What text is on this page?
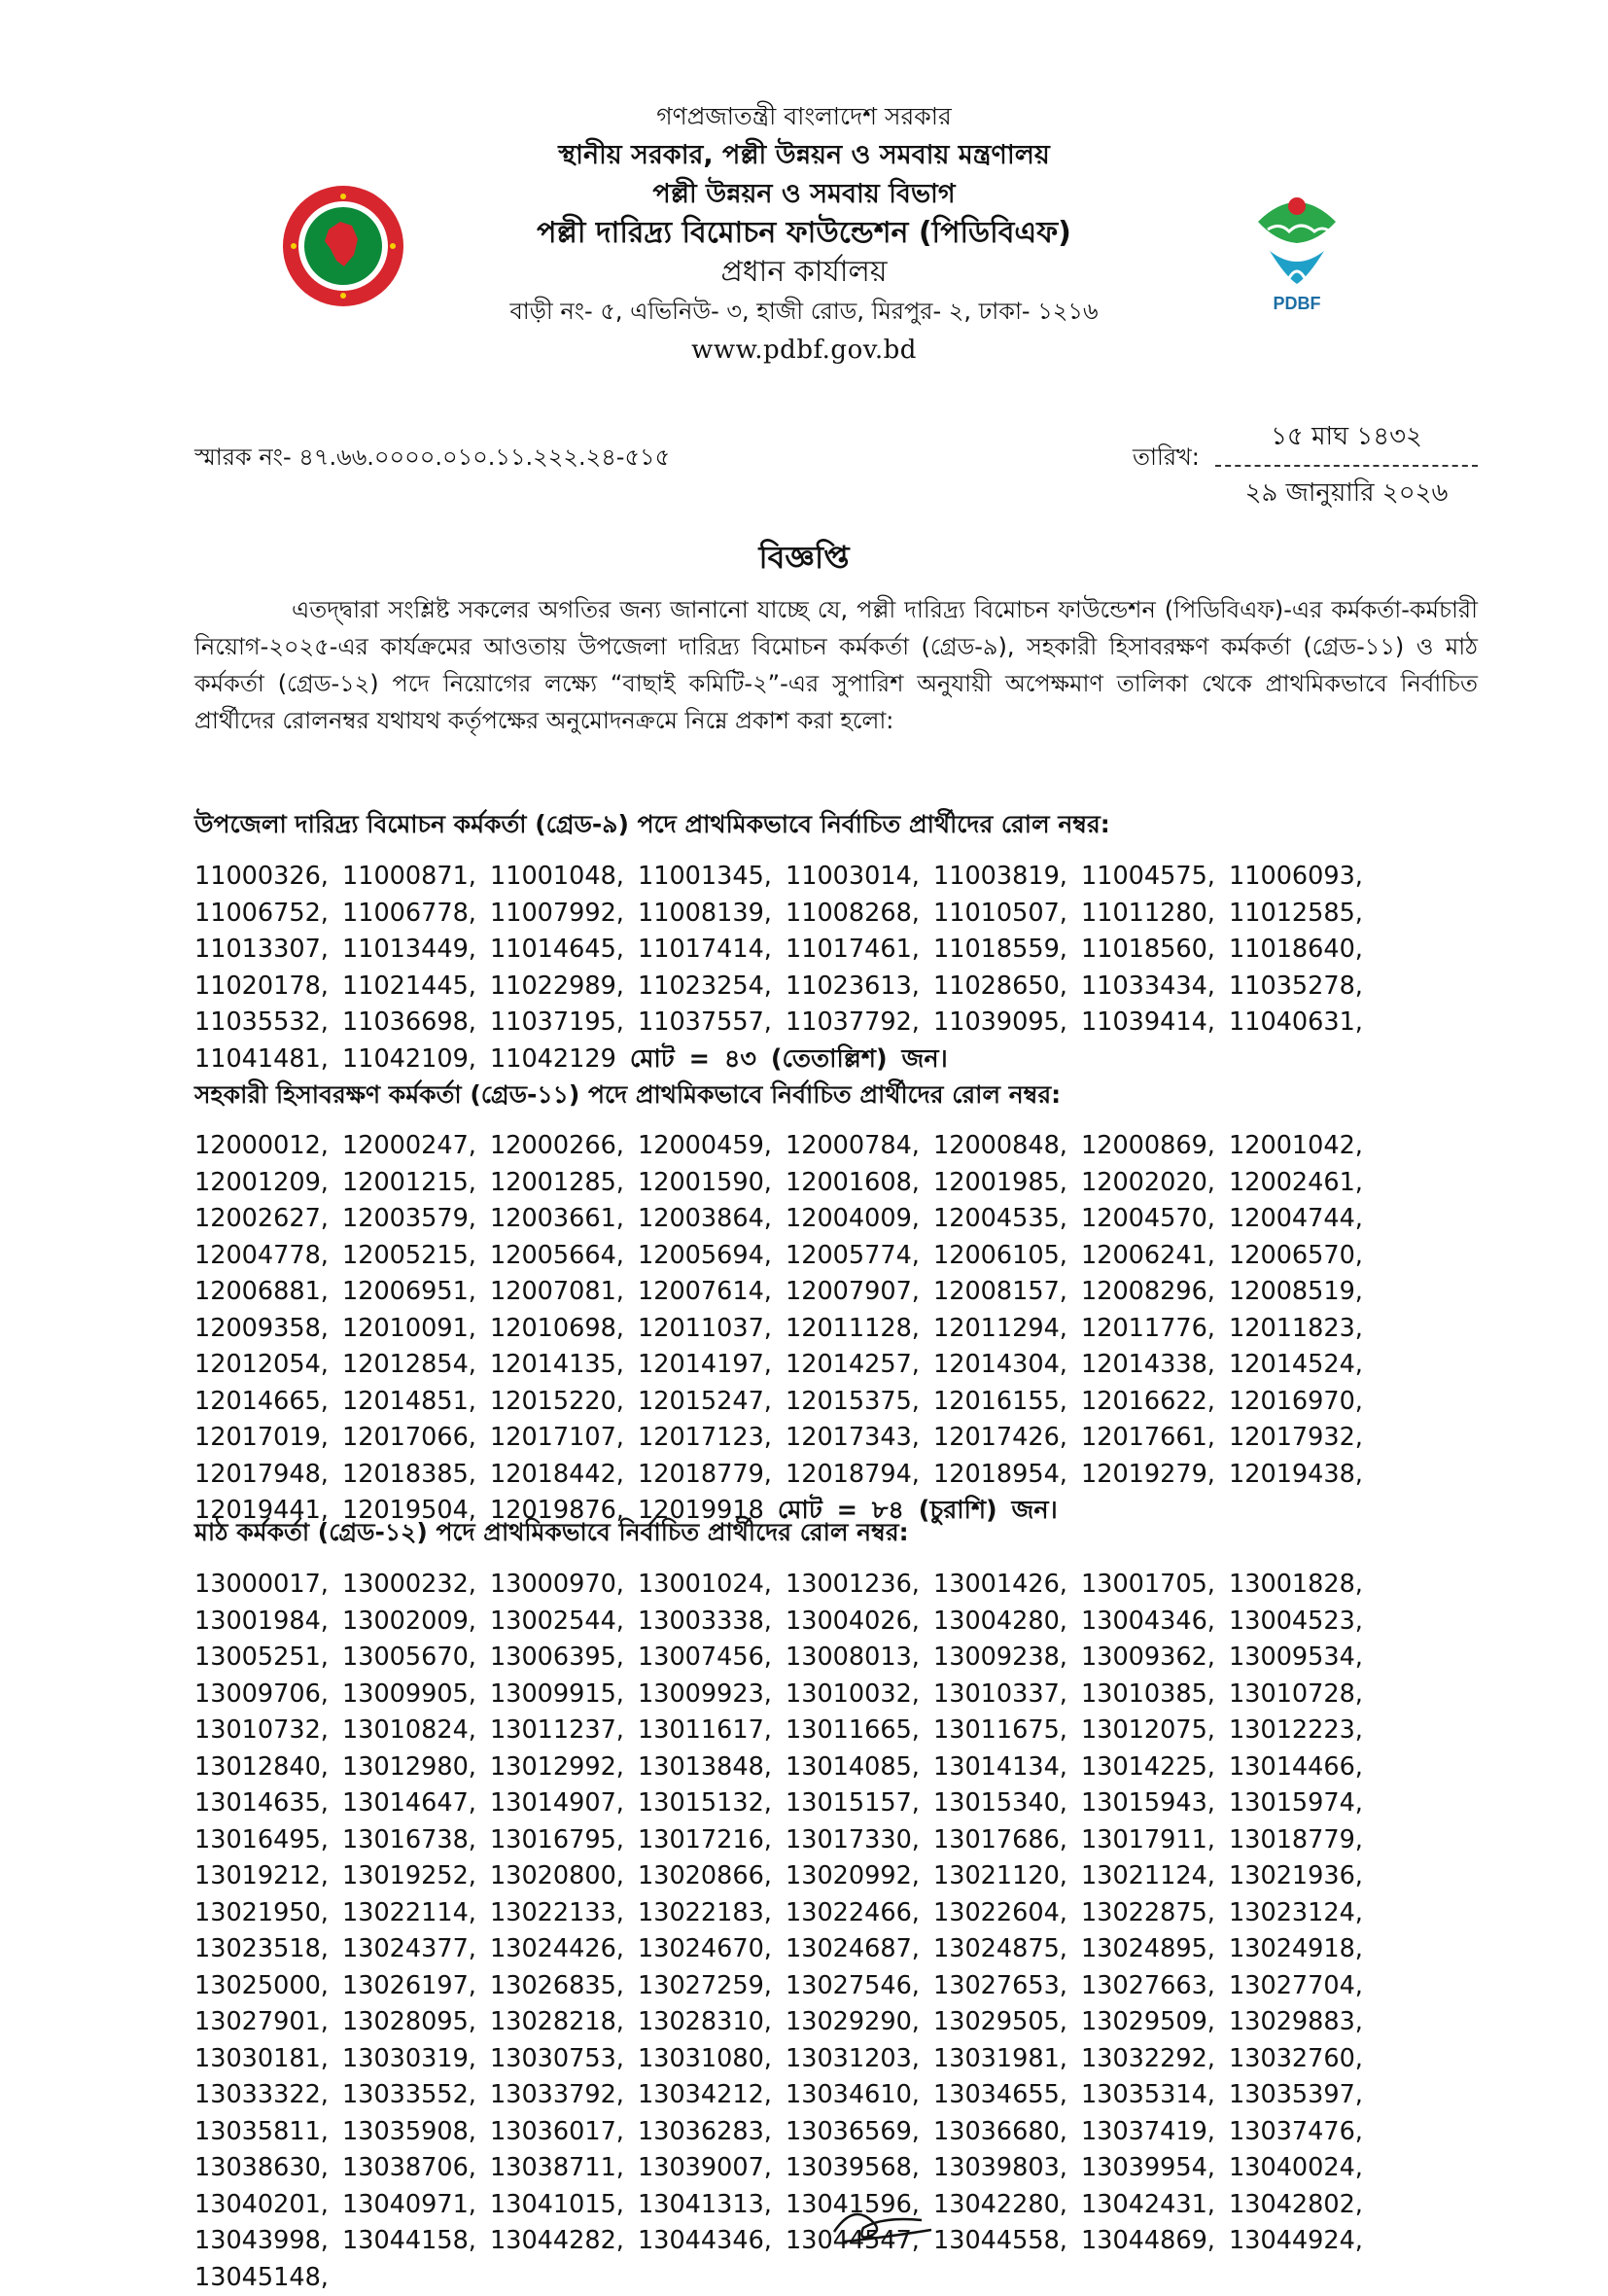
PDBF
গণপ্রজাতন্ত্রী বাংলাদেশ সরকার
স্থানীয় সরকার, পল্লী উন্নয়ন ও সমবায় মন্ত্রণালয়
পল্লী উন্নয়ন ও সমবায় বিভাগ
পল্লী দারিদ্র্য বিমোচন ফাউন্ডেশন (পিডিবিএফ)
প্রধান কার্যালয়
বাড়ী নং- ৫, এভিনিউ- ৩, হাজী রোড, মিরপুর- ২, ঢাকা- ১২১৬
www.pdbf.gov.bd
স্মারক নং- ৪৭.৬৬.০০০০.০১০.১১.২২২.২৪-৫১৫	তারিখ:
১৫ মাঘ ১৪৩২
২৯ জানুয়ারি ২০২৬
বিজ্ঞপ্তি
এতদ্দ্বারা সংশ্লিষ্ট সকলের অগতির জন্য জানানো যাচ্ছে যে, পল্লী দারিদ্র্য বিমোচন ফাউন্ডেশন (পিডিবিএফ)-এর কর্মকর্তা-কর্মচারী নিয়োগ-২০২৫-এর কার্যক্রমের আওতায় উপজেলা দারিদ্র্য বিমোচন কর্মকর্তা (গ্রেড-৯), সহকারী হিসাবরক্ষণ কর্মকর্তা (গ্রেড-১১) ও মাঠ কর্মকর্তা (গ্রেড-১২) পদে নিয়োগের লক্ষ্যে “বাছাই কমিটি-২”-এর সুপারিশ অনুযায়ী অপেক্ষমাণ তালিকা থেকে প্রাথমিকভাবে নির্বাচিত প্রার্থীদের রোলনম্বর যথাযথ কর্তৃপক্ষের অনুমোদনক্রমে নিম্নে প্রকাশ করা হলো:
উপজেলা দারিদ্র্য বিমোচন কর্মকর্তা (গ্রেড-৯) পদে প্রাথমিকভাবে নির্বাচিত প্রার্থীদের রোল নম্বর:
11000326, 11000871, 11001048, 11001345, 11003014, 11003819, 11004575, 11006093, 11006752, 11006778, 11007992, 11008139, 11008268, 11010507, 11011280, 11012585, 11013307, 11013449, 11014645, 11017414, 11017461, 11018559, 11018560, 11018640, 11020178, 11021445, 11022989, 11023254, 11023613, 11028650, 11033434, 11035278, 11035532, 11036698, 11037195, 11037557, 11037792, 11039095, 11039414, 11040631, 11041481, 11042109, 11042129 মোট = ৪৩ (তেতাল্লিশ) জন।
সহকারী হিসাবরক্ষণ কর্মকর্তা (গ্রেড-১১) পদে প্রাথমিকভাবে নির্বাচিত প্রার্থীদের রোল নম্বর:
12000012, 12000247, 12000266, 12000459, 12000784, 12000848, 12000869, 12001042, 12001209, 12001215, 12001285, 12001590, 12001608, 12001985, 12002020, 12002461, 12002627, 12003579, 12003661, 12003864, 12004009, 12004535, 12004570, 12004744, 12004778, 12005215, 12005664, 12005694, 12005774, 12006105, 12006241, 12006570, 12006881, 12006951, 12007081, 12007614, 12007907, 12008157, 12008296, 12008519, 12009358, 12010091, 12010698, 12011037, 12011128, 12011294, 12011776, 12011823, 12012054, 12012854, 12014135, 12014197, 12014257, 12014304, 12014338, 12014524, 12014665, 12014851, 12015220, 12015247, 12015375, 12016155, 12016622, 12016970, 12017019, 12017066, 12017107, 12017123, 12017343, 12017426, 12017661, 12017932, 12017948, 12018385, 12018442, 12018779, 12018794, 12018954, 12019279, 12019438, 12019441, 12019504, 12019876, 12019918 মোট = ৮৪ (চুরাশি) জন।
মাঠ কর্মকর্তা (গ্রেড-১২) পদে প্রাথমিকভাবে নির্বাচিত প্রার্থীদের রোল নম্বর:
13000017, 13000232, 13000970, 13001024, 13001236, 13001426, 13001705, 13001828, 13001984, 13002009, 13002544, 13003338, 13004026, 13004280, 13004346, 13004523, 13005251, 13005670, 13006395, 13007456, 13008013, 13009238, 13009362, 13009534, 13009706, 13009905, 13009915, 13009923, 13010032, 13010337, 13010385, 13010728, 13010732, 13010824, 13011237, 13011617, 13011665, 13011675, 13012075, 13012223, 13012840, 13012980, 13012992, 13013848, 13014085, 13014134, 13014225, 13014466, 13014635, 13014647, 13014907, 13015132, 13015157, 13015340, 13015943, 13015974, 13016495, 13016738, 13016795, 13017216, 13017330, 13017686, 13017911, 13018779, 13019212, 13019252, 13020800, 13020866, 13020992, 13021120, 13021124, 13021936, 13021950, 13022114, 13022133, 13022183, 13022466, 13022604, 13022875, 13023124, 13023518, 13024377, 13024426, 13024670, 13024687, 13024875, 13024895, 13024918, 13025000, 13026197, 13026835, 13027259, 13027546, 13027653, 13027663, 13027704, 13027901, 13028095, 13028218, 13028310, 13029290, 13029505, 13029509, 13029883, 13030181, 13030319, 13030753, 13031080, 13031203, 13031981, 13032292, 13032760, 13033322, 13033552, 13033792, 13034212, 13034610, 13034655, 13035314, 13035397, 13035811, 13035908, 13036017, 13036283, 13036569, 13036680, 13037419, 13037476, 13038630, 13038706, 13038711, 13039007, 13039568, 13039803, 13039954, 13040024, 13040201, 13040971, 13041015, 13041313, 13041596, 13042280, 13042431, 13042802, 13043998, 13044158, 13044282, 13044346, 13044547, 13044558, 13044869, 13044924, 13045148,
